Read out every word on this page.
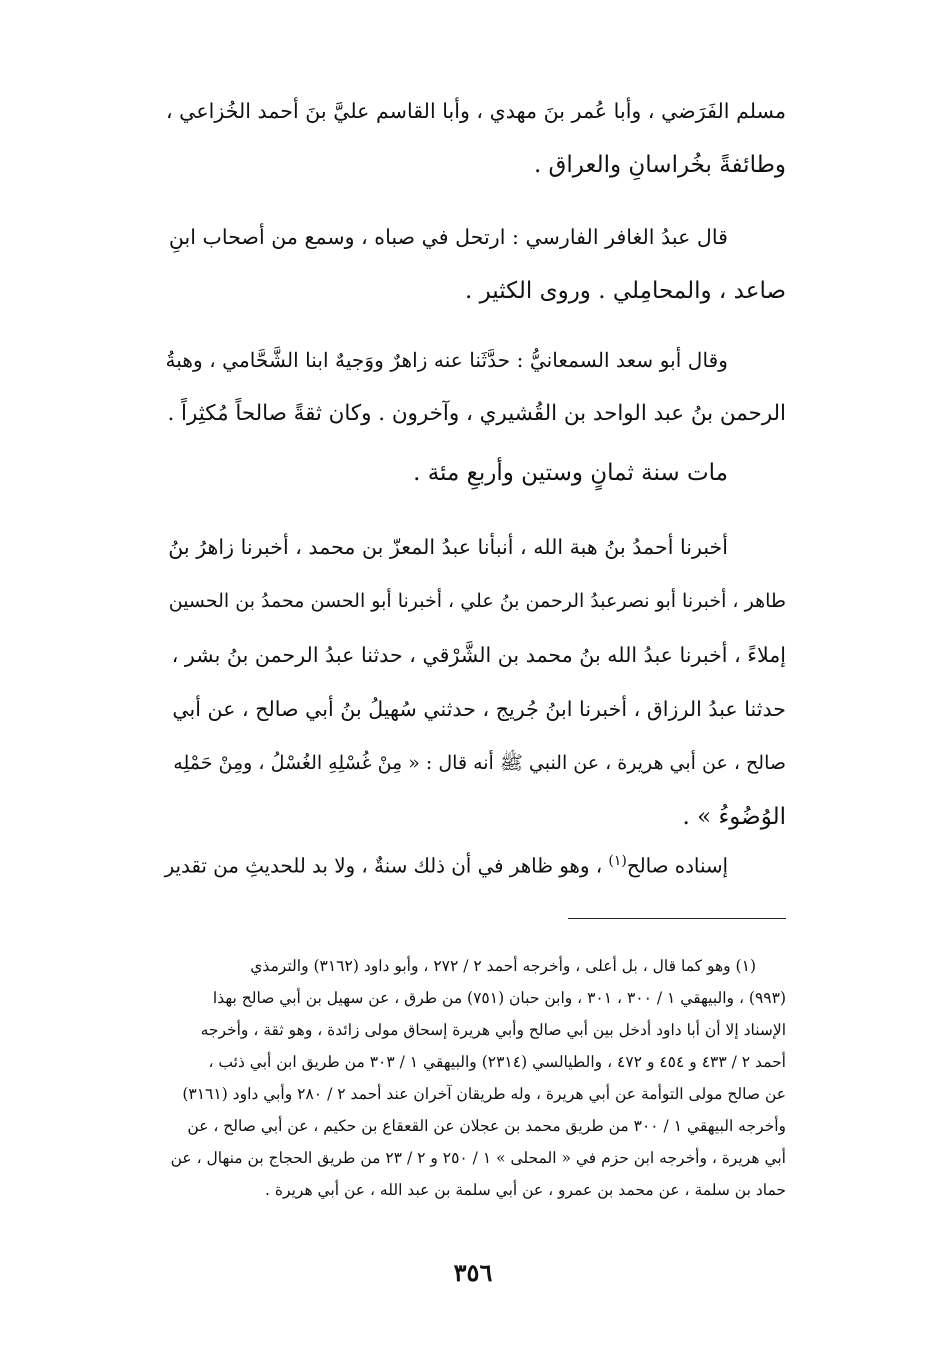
مسلم الفَرَضي ، وأبا عُمر بنَ مهدي ، وأبا القاسم عليَّ بنَ أحمد الخُزاعي ،
وطائفةً بخُراسانِ والعراق .
قال عبدُ الغافر الفارسي : ارتحل في صباه ، وسمع من أصحاب ابنِ
صاعد ، والمحامِلي . وروى الكثير .
وقال أبو سعد السمعانيُّ : حدَّثَنا عنه زاهرٌ ووَجيهٌ ابنا الشَّحَّامي ، وهبةُ
الرحمن بنُ عبد الواحد بن القُشيري ، وآخرون . وكان ثقةً صالحاً مُكثِراً .
مات سنة ثمانٍ وستين وأربعِ مئة .
أخبرنا أحمدُ بنُ هبة الله ، أنبأنا عبدُ المعزّ بن محمد ، أخبرنا زاهرُ بنُ
طاهر ، أخبرنا أبو نصرعبدُ الرحمن بنُ علي ، أخبرنا أبو الحسن محمدُ بن الحسين
إملاءً ، أخبرنا عبدُ الله بنُ محمد بن الشَّرْقي ، حدثنا عبدُ الرحمن بنُ بشر ،
حدثنا عبدُ الرزاق ، أخبرنا ابنُ جُريج ، حدثني سُهيلُ بنُ أبي صالح ، عن أبي
صالح ، عن أبي هريرة ، عن النبي ﷺ أنه قال : « مِنْ غُسْلِهِ الغُسْلُ ، ومِنْ حَمْلِه
الوُضُوءُ » .
إسناده صالح$^{(١)}$ ، وهو ظاهر في أن ذلك سنةٌ ، ولا بد للحديثِ من تقدير
(١) وهو كما قال ، بل أعلى ، وأخرجه أحمد ٢ / ٢٧٢ ، وأبو داود (٣١٦٢) والترمذي
(٩٩٣) ، والبيهقي ١ / ٣٠٠ ، ٣٠١ ، وابن حبان (٧٥١) من طرق ، عن سهيل بن أبي صالح بهذا
الإسناد إلا أن أبا داود أدخل بين أبي صالح وأبي هريرة إسحاق مولى زائدة ، وهو ثقة ، وأخرجه
أحمد ٢ / ٤٣٣ و ٤٥٤ و ٤٧٢ ، والطيالسي (٢٣١٤) والبيهقي ١ / ٣٠٣ من طريق ابن أبي ذئب ،
عن صالح مولى التوأمة عن أبي هريرة ، وله طريقان آخران عند أحمد ٢ / ٢٨٠ وأبي داود (٣١٦١)
وأخرجه البيهقي ١ / ٣٠٠ من طريق محمد بن عجلان عن القعقاع بن حكيم ، عن أبي صالح ، عن
أبي هريرة ، وأخرجه ابن حزم في « المحلى » ١ / ٢٥٠ و ٢ / ٢٣ من طريق الحجاج بن منهال ، عن
حماد بن سلمة ، عن محمد بن عمرو ، عن أبي سلمة بن عبد الله ، عن أبي هريرة .
٣٥٦
